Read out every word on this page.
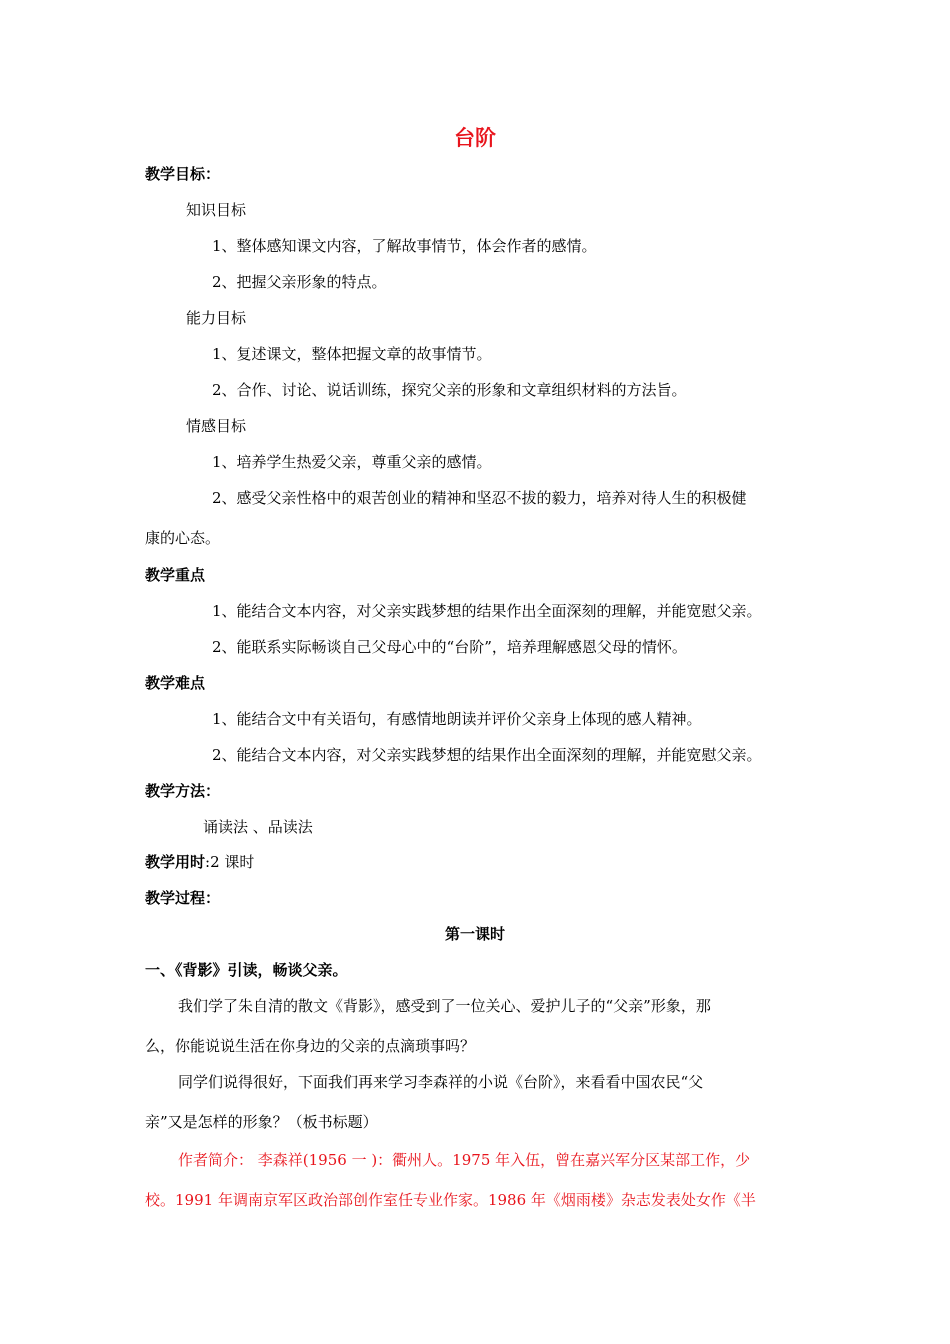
台阶
教学目标：
知识目标
1、整体感知课文内容，了解故事情节，体会作者的感情。
2、把握父亲形象的特点。
能力目标
1、复述课文，整体把握文章的故事情节。
2、合作、讨论、说话训练，探究父亲的形象和文章组织材料的方法旨。
情感目标
1、培养学生热爱父亲，尊重父亲的感情。
2、感受父亲性格中的艰苦创业的精神和坚忍不拔的毅力，培养对待人生的积极健
康的心态。
教学重点
1、能结合文本内容，对父亲实践梦想的结果作出全面深刻的理解，并能宽慰父亲。
2、能联系实际畅谈自己父母心中的“台阶”，培养理解感恩父母的情怀。
教学难点
1、能结合文中有关语句，有感情地朗读并评价父亲身上体现的感人精神。
2、能结合文本内容，对父亲实践梦想的结果作出全面深刻的理解，并能宽慰父亲。
教学方法：
诵读法 、品读法
教学用时:2 课时
教学过程：
第一课时
一、《背影》引读，畅谈父亲。
我们学了朱自清的散文《背影》，感受到了一位关心、爱护儿子的“父亲”形象，那
么，你能说说生活在你身边的父亲的点滴琐事吗？
同学们说得很好，下面我们再来学习李森祥的小说《台阶》，来看看中国农民“父
亲”又是怎样的形象？（板书标题）
作者简介： 李森祥(1956 一 )：衢州人。1975 年入伍，曾在嘉兴军分区某部工作，少
校。1991 年调南京军区政治部创作室任专业作家。1986 年《烟雨楼》杂志发表处女作《半
